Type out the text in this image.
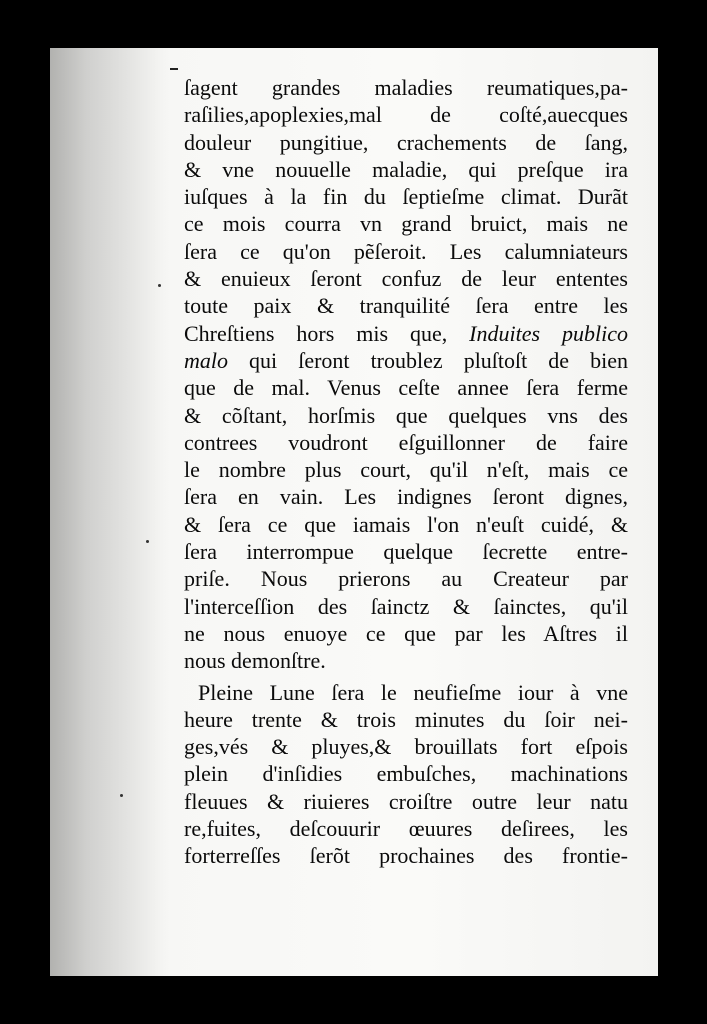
ſagent grandes maladies reumatiques,pa-
raſilies,apoplexies,mal de coſté,auecques
douleur pungitiue, crachements de ſang,
& vne nouuelle maladie, qui preſque ira
iuſques à la fin du ſeptieſme climat. Durãt
ce mois courra vn grand bruict, mais ne
ſera ce qu'on pẽſeroit. Les calumniateurs
& enuieux ſeront confuz de leur ententes
toute paix & tranquilité ſera entre les
Chreſtiens hors mis que, Induites publico
malo qui ſeront troublez pluſtoſt de bien
que de mal. Venus ceſte annee ſera ferme
& cõſtant, horſmis que quelques vns des
contrees voudront eſguillonner de faire
le nombre plus court, qu'il n'eſt, mais ce
ſera en vain. Les indignes ſeront dignes,
& ſera ce que iamais l'on n'euſt cuidé, &
ſera interrompue quelque ſecrette entre-
priſe. Nous prierons au Createur par
l'interceſſion des ſainctz & ſainctes, qu'il
ne nous enuoye ce que par les Aſtres il
nous demonſtre.
Pleine Lune ſera le neufieſme iour à vne
heure trente & trois minutes du ſoir nei-
ges,vés & pluyes,& brouillats fort eſpois
plein d'inſidies embuſches, machinations
fleuues & riuieres croiſtre outre leur natu
re,fuites, deſcouurir œuures deſirees, les
forterreſſes ſerõt prochaines des frontie-
